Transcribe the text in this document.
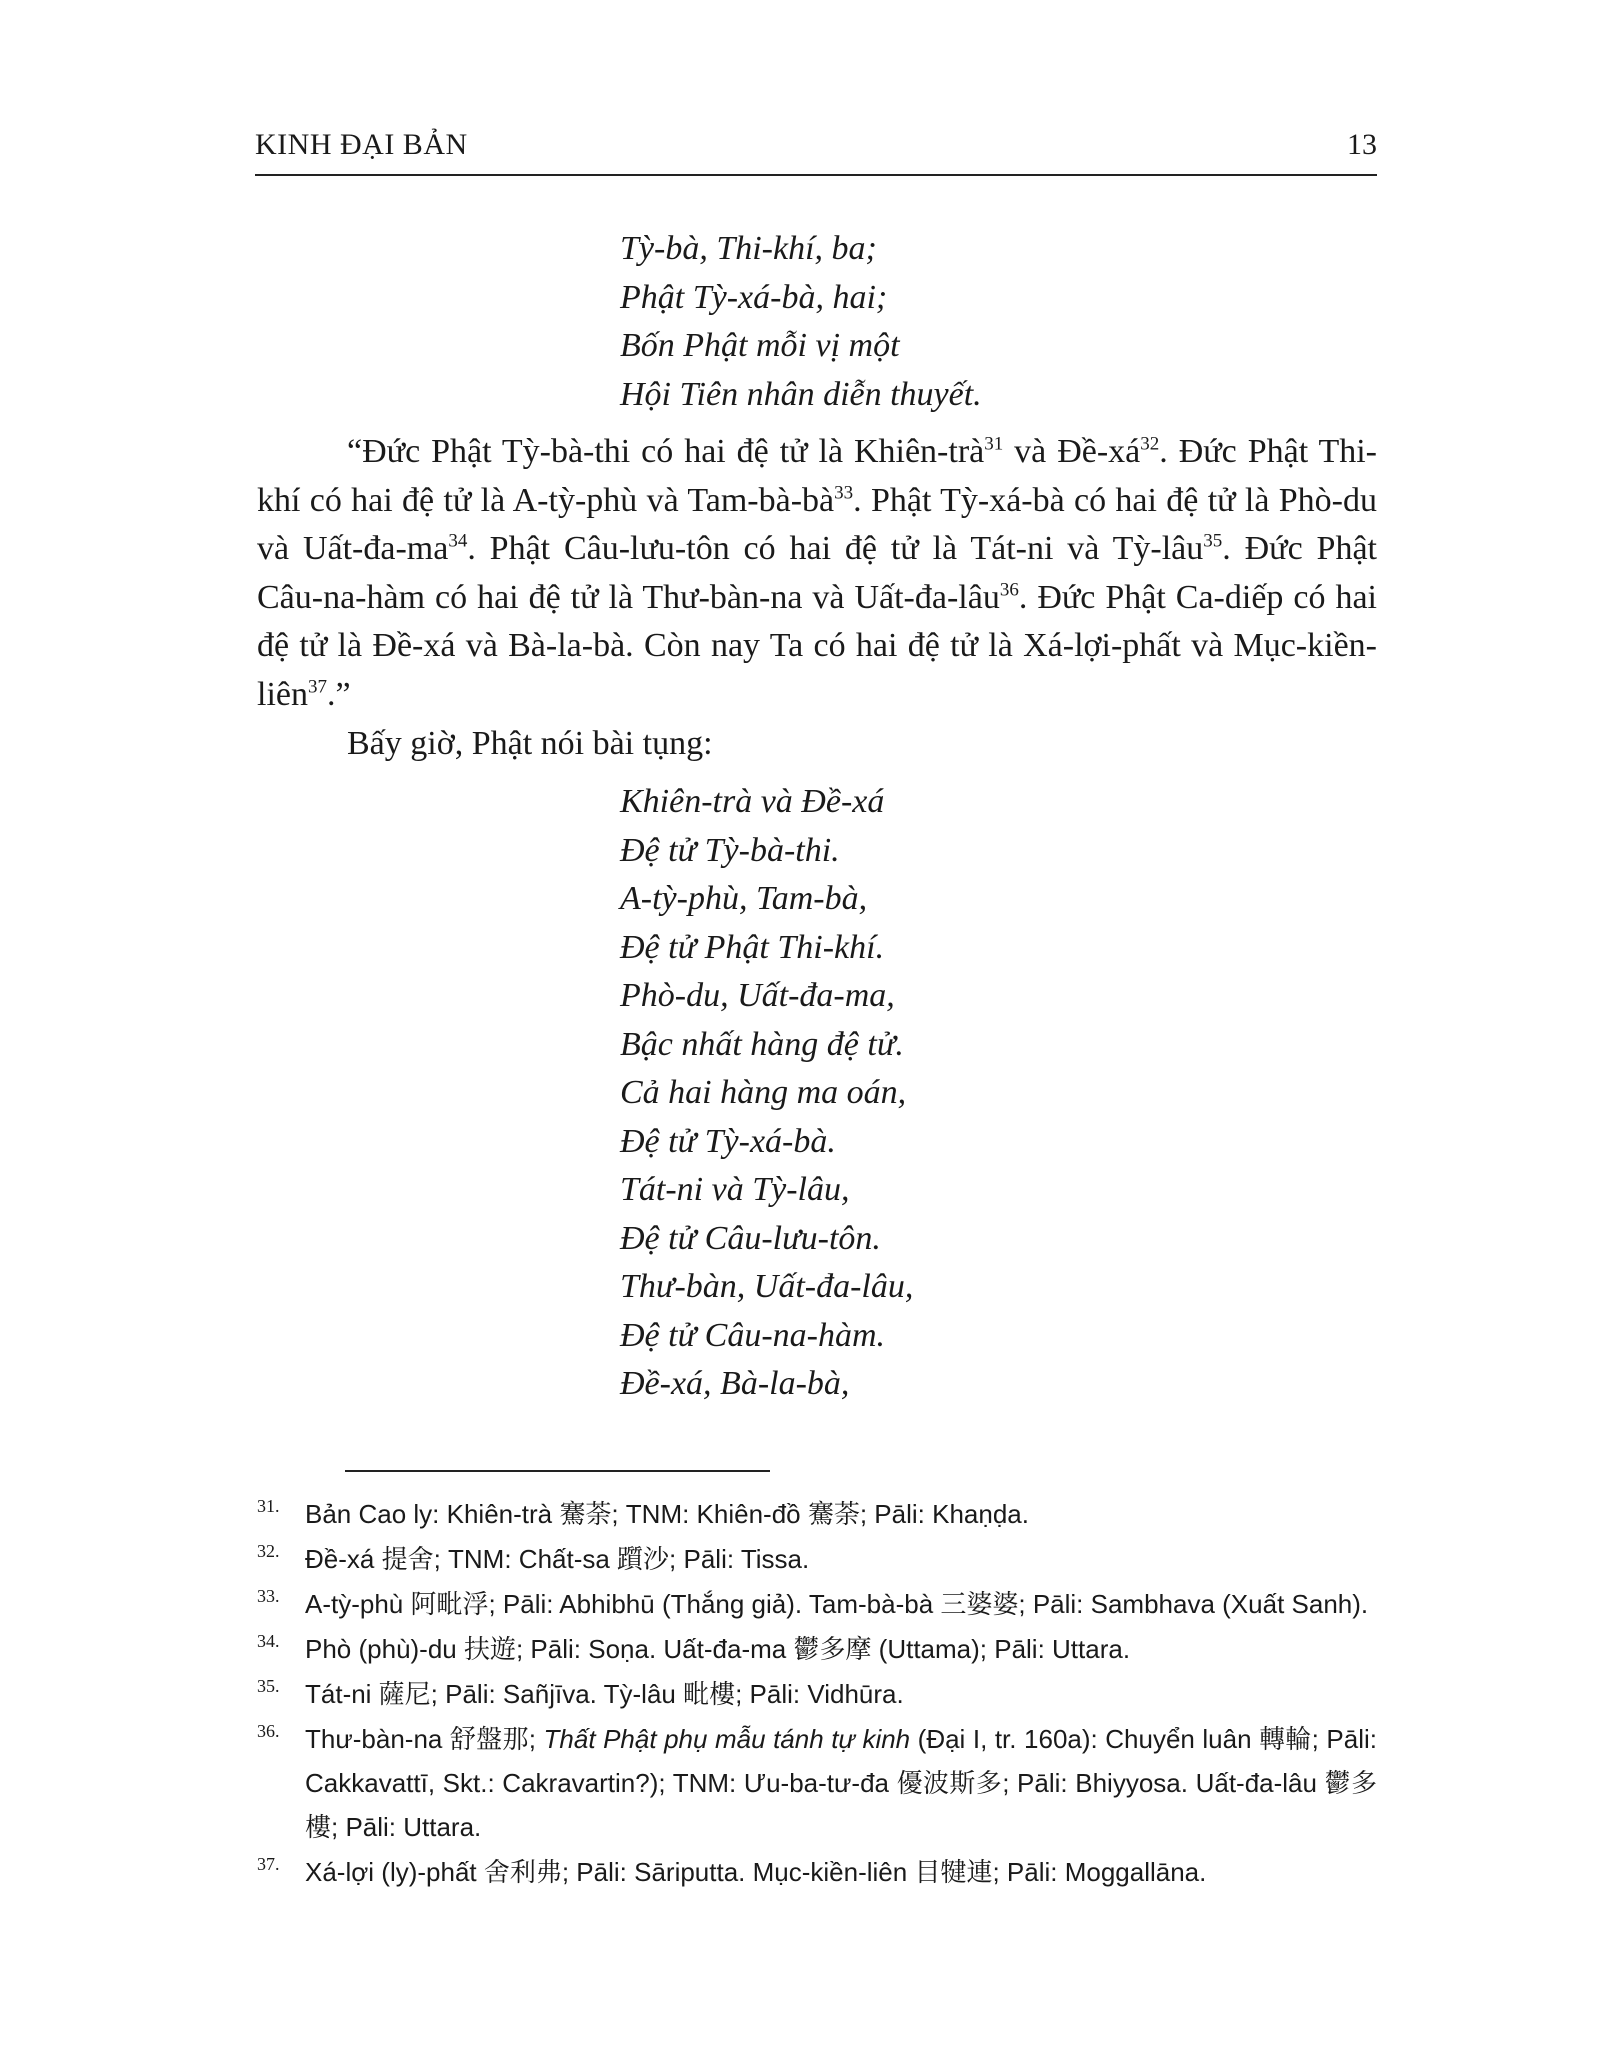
KINH ĐẠI BẢN	13
Tỳ-bà, Thi-khí, ba;
Phật Tỳ-xá-bà, hai;
Bốn Phật mỗi vị một
Hội Tiên nhân diễn thuyết.

“Đức Phật Tỳ-bà-thi có hai đệ tử là Khiên-trà$^{31}$ và $Đề-xá^{32}$. Đức Phật Thi-khí có hai đệ tử là A-tỳ-phù và Tam-$bà-bà^{33}$. Phật Tỳ-xá-bà có hai đệ tử là Phò-du và Uất-$đa-ma^{34}$. Phật Câu-lưu-tôn có hai đệ tử là Tát-ni và Tỳ-lâu$^{35}$. Đức Phật Câu-na-hàm có hai đệ tử là Thư-bàn-na và Uất-đa-lâu$^{36}$. Đức Phật Ca-diếp có hai đệ tử là Đề-xá và Bà-la-bà. Còn nay Ta có hai đệ tử là Xá-lợi-phất và Mục-kiền-liên$^{37}$.”

Bấy giờ, Phật nói bài tụng:

Khiên-trà và Đề-xá
Đệ tử Tỳ-bà-thi.
A-tỳ-phù, Tam-bà,
Đệ tử Phật Thi-khí.
Phò-du, Uất-đa-ma,
Bậc nhất hàng đệ tử.
Cả hai hàng ma oán,
Đệ tử Tỳ-xá-bà.
Tát-ni và Tỳ-lâu,
Đệ tử Câu-lưu-tôn.
Thư-bàn, Uất-đa-lâu,
Đệ tử Câu-na-hàm.
Đề-xá, Bà-la-bà,
31. Bản Cao ly: Khiên-trà 騫荼; TNM: Khiên-đồ 騫荼; Pāli: Khaṇḍa.
32. Đề-xá 提舍; TNM: Chất-sa 躓沙; Pāli: Tissa.
33. A-tỳ-phù 阿毗浮; Pāli: Abhibhū (Thắng giả). Tam-bà-bà 三婆婆; Pāli: Sambhava (Xuất Sanh).
34. Phò (phù)-du 扶遊; Pāli: Soṇa. Uất-đa-ma 鬱多摩 (Uttama); Pāli: Uttara.
35. Tát-ni 薩尼; Pāli: Sañjīva. Tỳ-lâu 毗樓; Pāli: Vidhūra.
36. Thư-bàn-na 舒盤那; Thất Phật phụ mẫu tánh tự kinh (Đại I, tr. 160a): Chuyển luân 轉輪; Pāli: Cakkavattī, Skt.: Cakravartin?); TNM: Ưu-ba-tư-đa 優波斯多; Pāli: Bhiyyosa. Uất-đa-lâu 鬱多樓; Pāli: Uttara.
37. Xá-lợi (ly)-phất 舍利弗; Pāli: Sāriputta. Mục-kiền-liên 目犍連; Pāli: Moggallāna.
